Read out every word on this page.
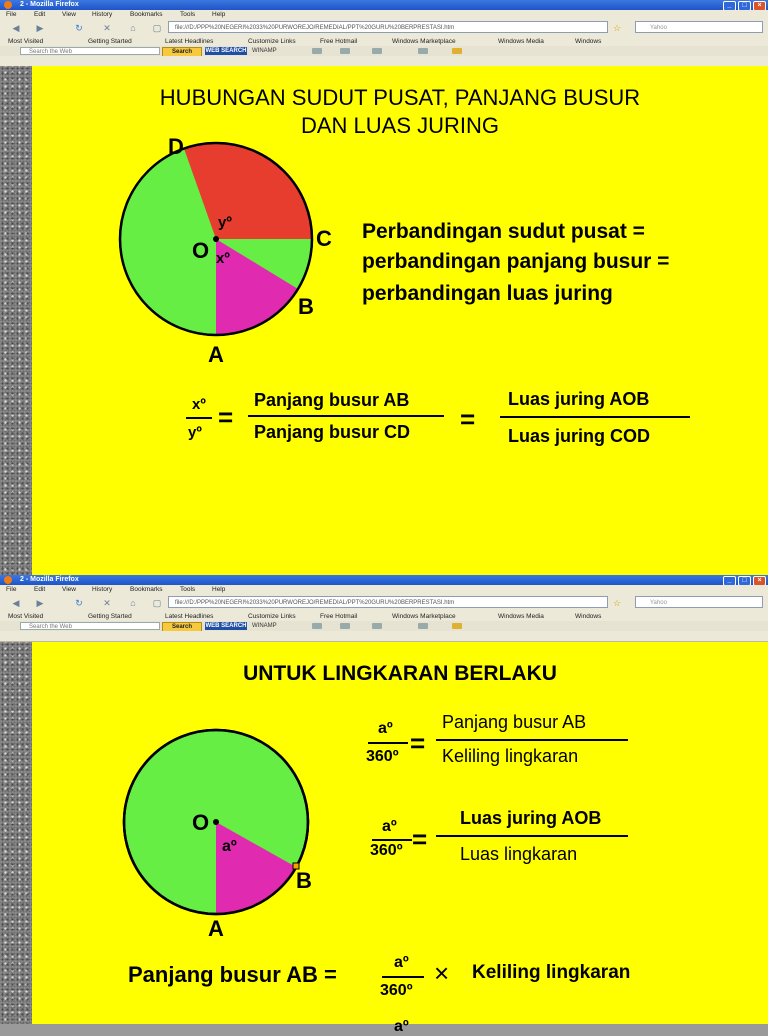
2 - Mozilla Firefox	_	□	×
File	Edit	View History	Bookmarks	Tools	Help
◀	▶	↻	✕	⌂	▢	file:///D:/PPP%20NEGERI%2033%20PURWOREJO/REMEDIAL/PPT%20GURU%20BERPRESTASI.htm	☆	Yahoo
Most Visited	Getting Started	Latest Headlines	Customize Links	Free Hotmail	Windows Marketplace	Windows Media	Windows
Search the Web	Search	WEB SEARCH WINAMP
HUBUNGAN SUDUT PUSAT, PANJANG BUSUR
DAN LUAS JURING
D
C
B
A
O
yº
xº
Perbandingan sudut pusat =
perbandingan panjang busur =
perbandingan luas juring
xº
yº
=
Panjang busur AB
Panjang busur CD =
Luas juring AOB
Luas juring COD
2 - Mozilla Firefox	_	□	×
File	Edit	View History	Bookmarks	Tools	Help
◀	▶	↻	✕	⌂	▢	file:///D:/PPP%20NEGERI%2033%20PURWOREJO/REMEDIAL/PPT%20GURU%20BERPRESTASI.htm	☆	Yahoo
Most Visited	Getting Started	Latest Headlines	Customize Links	Free Hotmail	Windows Marketplace	Windows Media	Windows
Search the Web	Search	WEB SEARCH WINAMP
UNTUK LINGKARAN BERLAKU
O
aº
B
A
aº
360º =
Panjang busur AB
Keliling lingkaran
aº
360º =
Luas juring AOB
Luas lingkaran
Panjang busur AB =	aº
360º
× Keliling lingkaran
aº
